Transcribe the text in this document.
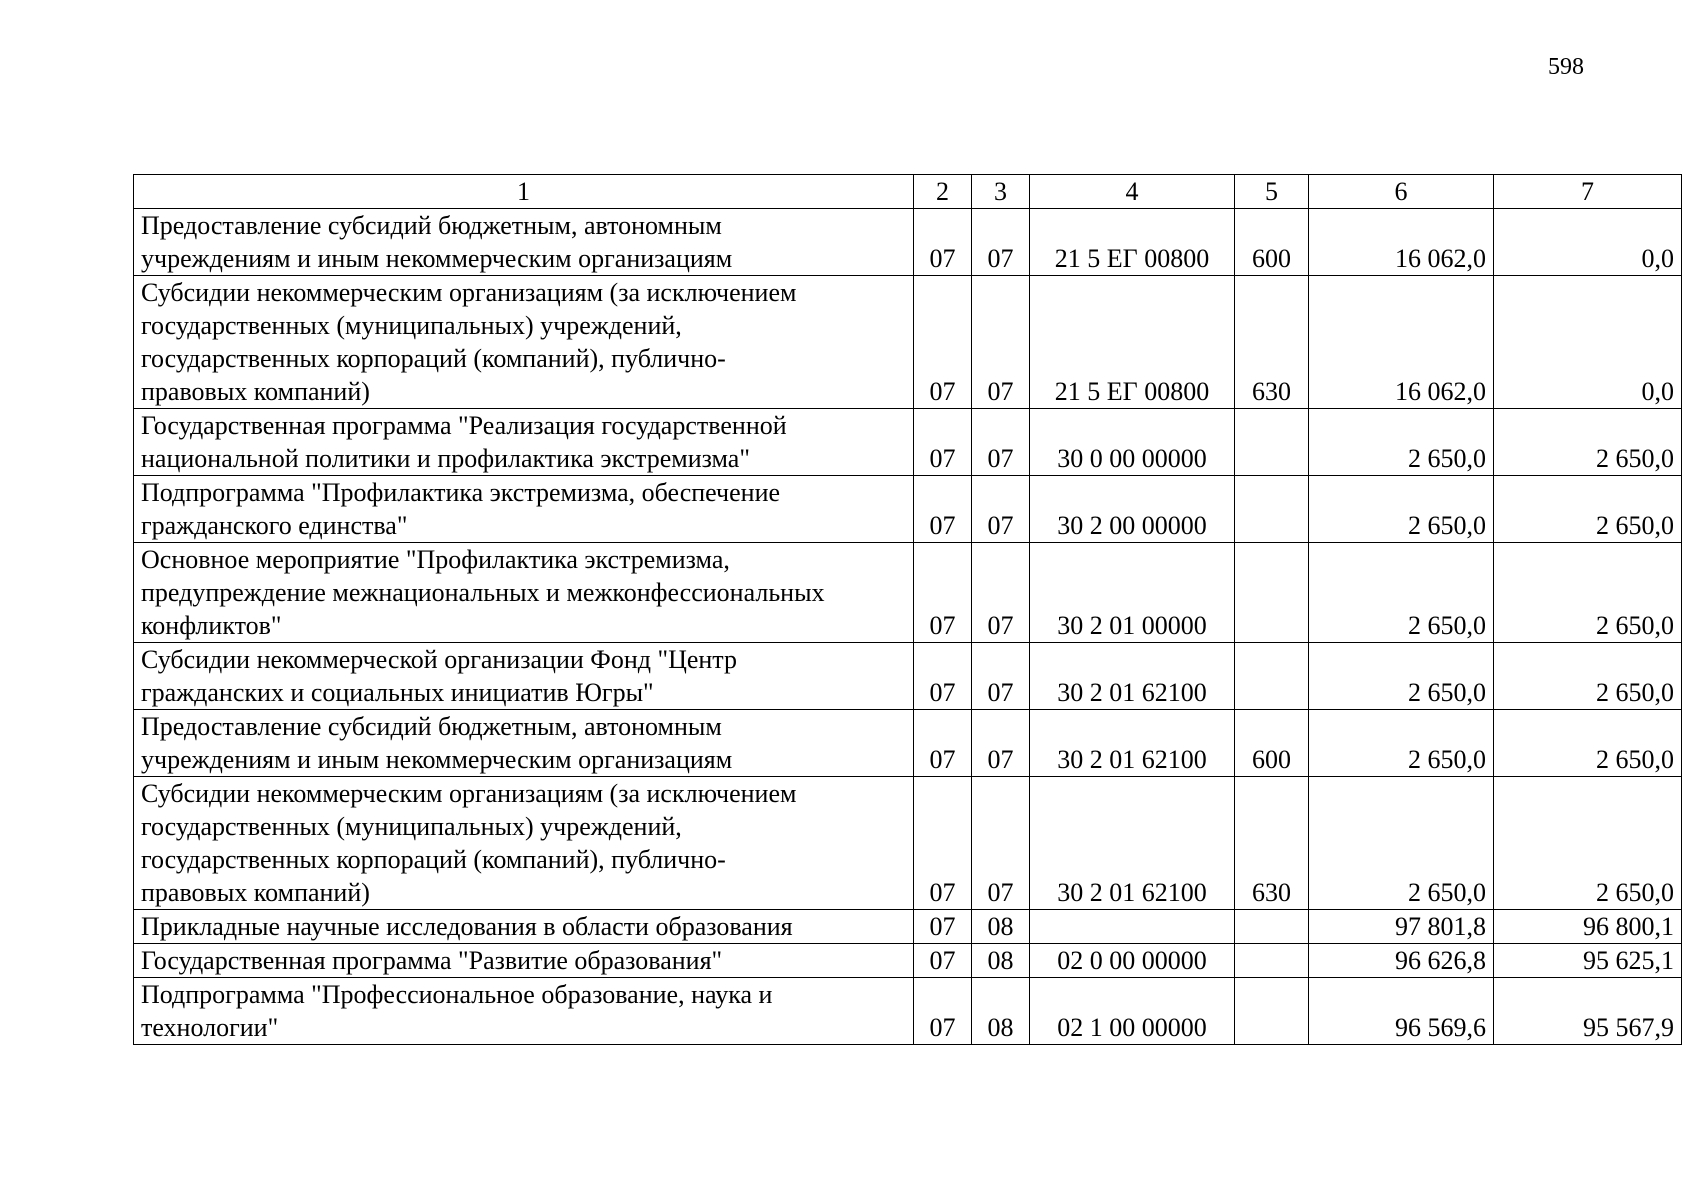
598
1	2	3	4	5	6	7

Предоставление субсидий бюджетным, автономным
учреждениям и иным некоммерческим организациям	07	07	21 5 ЕГ 00800	600	16 062,0	0,0

Субсидии некоммерческим организациям (за исключением
государственных (муниципальных) учреждений,
государственных корпораций (компаний), публично-
правовых компаний)	07	07	21 5 ЕГ 00800	630	16 062,0	0,0

Государственная программа "Реализация государственной
национальной политики и профилактика экстремизма"	07	07	30 0 00 00000		2 650,0	2 650,0

Подпрограмма "Профилактика экстремизма, обеспечение
гражданского единства"	07	07	30 2 00 00000		2 650,0	2 650,0

Основное мероприятие "Профилактика экстремизма,
предупреждение межнациональных и межконфессиональных
конфликтов"	07	07	30 2 01 00000		2 650,0	2 650,0

Субсидии некоммерческой организации Фонд "Центр
гражданских и социальных инициатив Югры"	07	07	30 2 01 62100		2 650,0	2 650,0

Предоставление субсидий бюджетным, автономным
учреждениям и иным некоммерческим организациям	07	07	30 2 01 62100	600	2 650,0	2 650,0

Субсидии некоммерческим организациям (за исключением
государственных (муниципальных) учреждений,
государственных корпораций (компаний), публично-
правовых компаний)	07	07	30 2 01 62100	630	2 650,0	2 650,0

Прикладные научные исследования в области образования	07	08			97 801,8	96 800,1

Государственная программа "Развитие образования"	07	08	02 0 00 00000		96 626,8	95 625,1

Подпрограмма "Профессиональное образование, наука и
технологии"	07	08	02 1 00 00000		96 569,6	95 567,9
